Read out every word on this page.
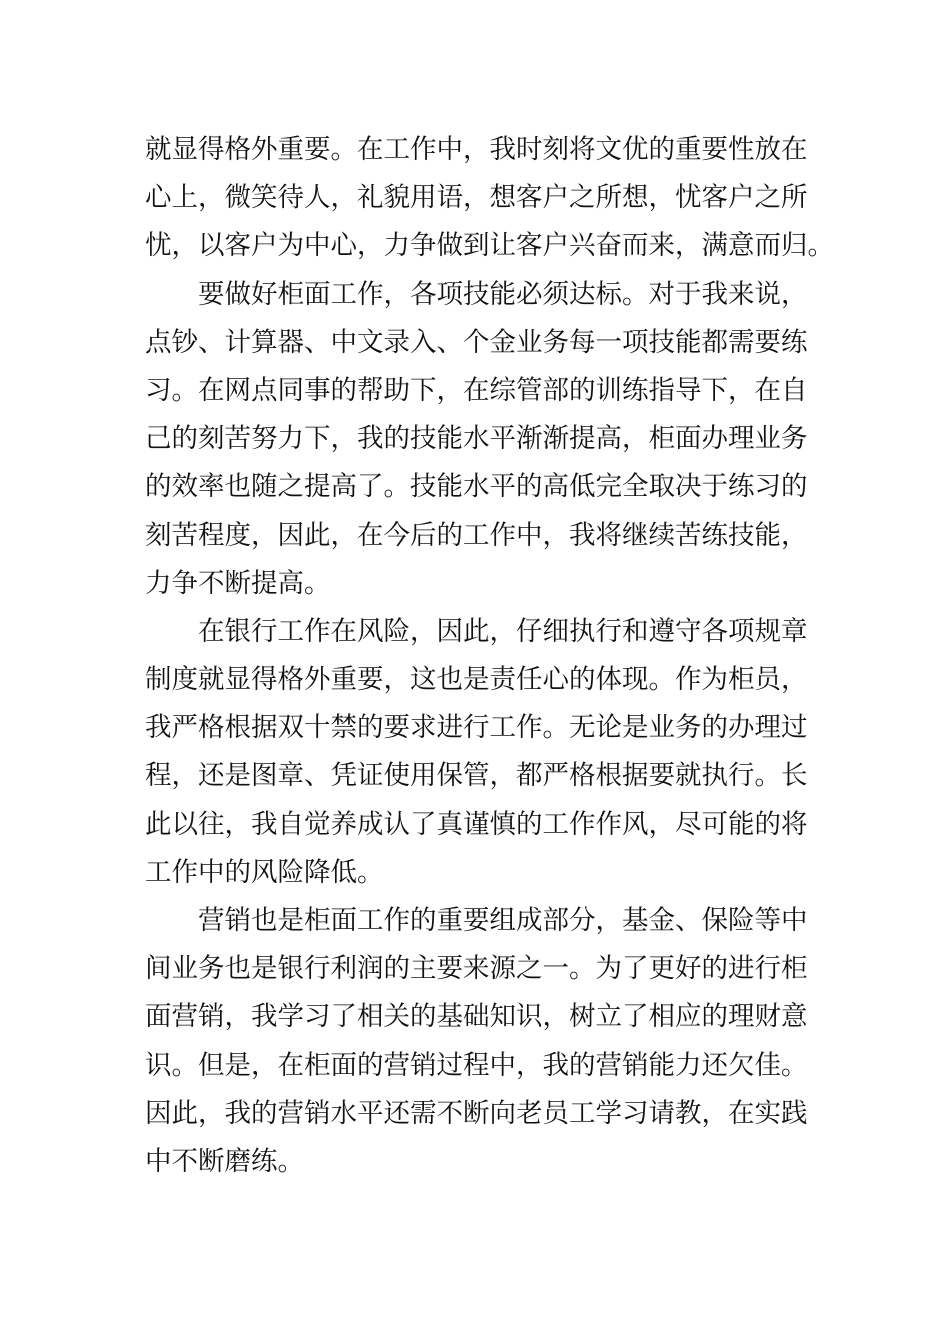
就显得格外重要。在工作中，我时刻将文优的重要性放在
心上，微笑待人，礼貌用语，想客户之所想，忧客户之所
忧，以客户为中心，力争做到让客户兴奋而来，满意而归。
要做好柜面工作，各项技能必须达标。对于我来说，
点钞、计算器、中文录入、个金业务每一项技能都需要练
习。在网点同事的帮助下，在综管部的训练指导下，在自
己的刻苦努力下，我的技能水平渐渐提高，柜面办理业务
的效率也随之提高了。技能水平的高低完全取决于练习的
刻苦程度，因此，在今后的工作中，我将继续苦练技能，
力争不断提高。
在银行工作在风险，因此，仔细执行和遵守各项规章
制度就显得格外重要，这也是责任心的体现。作为柜员，
我严格根据双十禁的要求进行工作。无论是业务的办理过
程，还是图章、凭证使用保管，都严格根据要就执行。长
此以往，我自觉养成认了真谨慎的工作作风，尽可能的将
工作中的风险降低。
营销也是柜面工作的重要组成部分，基金、保险等中
间业务也是银行利润的主要来源之一。为了更好的进行柜
面营销，我学习了相关的基础知识，树立了相应的理财意
识。但是，在柜面的营销过程中，我的营销能力还欠佳。
因此，我的营销水平还需不断向老员工学习请教，在实践
中不断磨练。
